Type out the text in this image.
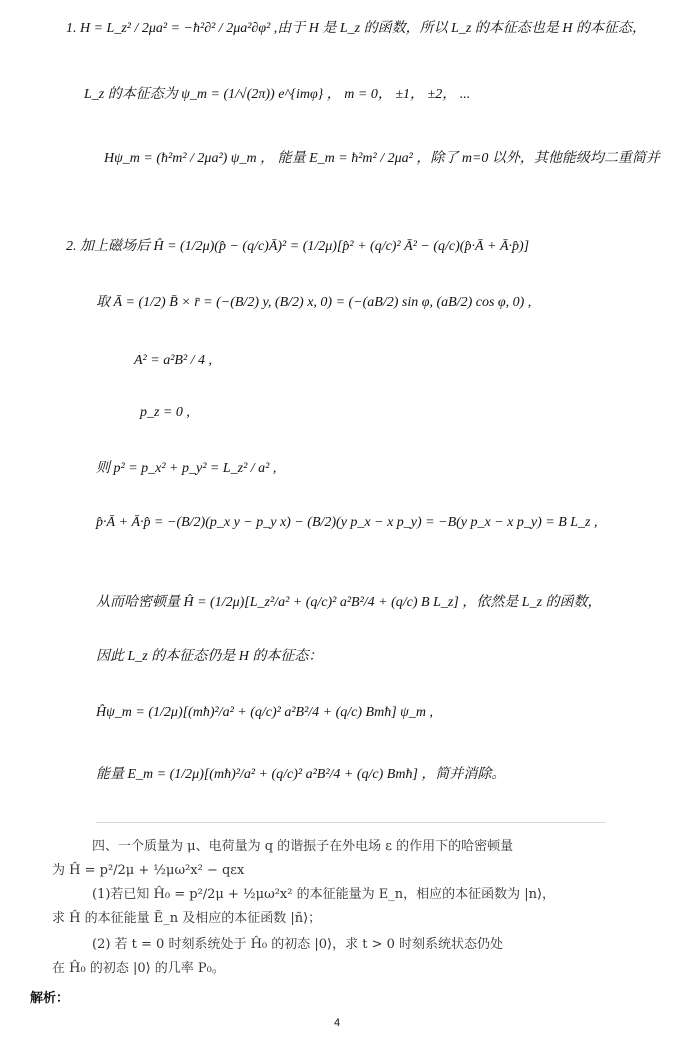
1. H = L_z² / 2μa² = −ħ²∂² / 2μa²∂φ² ,由于 H 是 L_z 的函数，所以 L_z 的本征态也是 H 的本征态，
L_z 的本征态为 ψ_m = (1/√(2π)) e^{imφ} ， m = 0， ±1， ±2， ...
Hψ_m = (ħ²m² / 2μa²) ψ_m ， 能量 E_m = ħ²m² / 2μa² ，除了 m=0 以外，其他能级均二重简并
2. 加上磁场后 Ĥ = (1/2μ)(p̂ − (q/c)Ā)² = (1/2μ)[p̂² + (q/c)² Ā² − (q/c)(p̂·Ā + Ā·p̂)]
取 Ā = (1/2) B̄ × r̄ = (−(B/2) y, (B/2) x, 0) = (−(aB/2) sin φ, (aB/2) cos φ, 0) ,
A² = a²B² / 4 ,
p_z = 0 ,
则 p² = p_x² + p_y² = L_z² / a² ,
p̂·Ā + Ā·p̂ = −(B/2)(p_x y − p_y x) − (B/2)(y p_x − x p_y) = −B(y p_x − x p_y) = B L_z ,
从而哈密顿量 Ĥ = (1/2μ)[L_z²/a² + (q/c)² a²B²/4 + (q/c) B L_z] ，依然是 L_z 的函数，
因此 L_z 的本征态仍是 H 的本征态：
Ĥψ_m = (1/2μ)[(mħ)²/a² + (q/c)² a²B²/4 + (q/c) Bmħ] ψ_m ,
能量 E_m = (1/2μ)[(mħ)²/a² + (q/c)² a²B²/4 + (q/c) Bmħ] ，简并消除。
四、一个质量为 μ、电荷量为 q 的谐振子在外电场 ε 的作用下的哈密顿量
为 Ĥ = p²/2μ + ½μω²x² − qεx
(1)若已知 Ĥ₀ = p²/2μ + ½μω²x² 的本征能量为 E_n，相应的本征函数为 |n⟩，
求 Ĥ 的本征能量 Ẽ_n 及相应的本征函数 |ñ⟩；
(2) 若 t = 0 时刻系统处于 Ĥ₀ 的初态 |0⟩，求 t > 0 时刻系统状态仍处
在 Ĥ₀ 的初态 |0⟩ 的几率 P₀。
解析：
4
